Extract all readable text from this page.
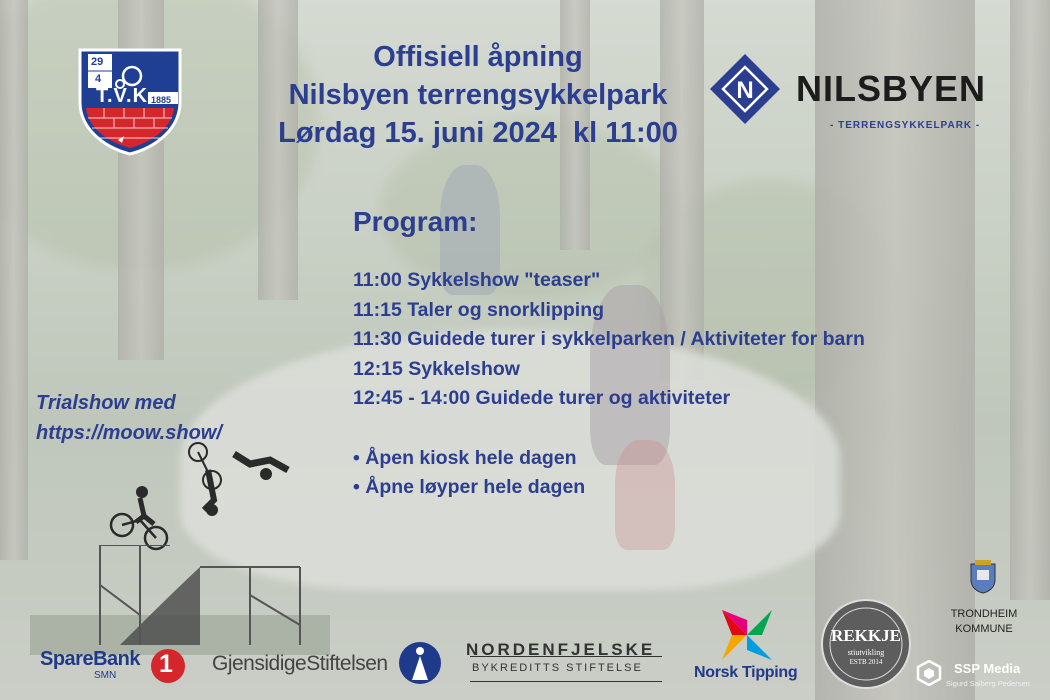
29
4
1885
T.V.K.
Offisiell åpning
Nilsbyen terrengsykkelpark
Lørdag 15. juni 2024  kl 11:00
N NILSBYEN
- TERRENGSYKKELPARK -
Program:
11:00 Sykkelshow "teaser"
11:15 Taler og snorklipping
11:30 Guidede turer i sykkelparken / Aktiviteter for barn
12:15 Sykkelshow
12:45 - 14:00 Guidede turer og aktiviteter
• Åpen kiosk hele dagen
• Åpne løyper hele dagen
Trialshow med
https://moow.show/
SpareBank
SMN 1 GjensidigeStiftelsen
NORDENFJELSKE
BYKREDITTS STIFTELSE	Norsk Tipping
REKKJE
stiutvikling
ESTB 2014
TRONDHEIM
KOMMUNE
SSP Media
Sigurd Salberg Pedersen
